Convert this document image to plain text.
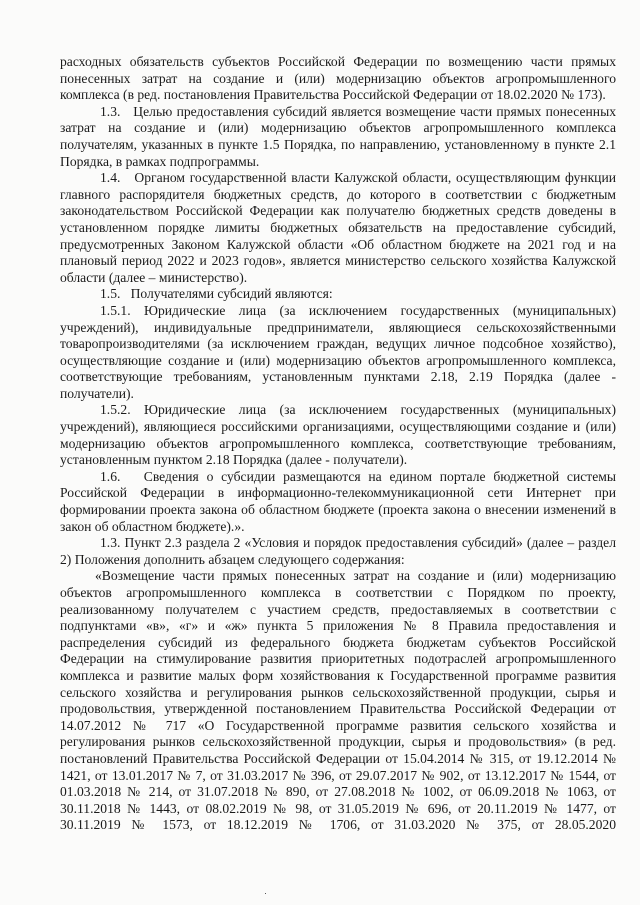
расходных обязательств субъектов Российской Федерации по возмещению части прямых понесенных затрат на создание и (или) модернизацию объектов агропромышленного комплекса (в ред. постановления Правительства Российской Федерации от 18.02.2020 № 173).

1.3.   Целью предоставления субсидий является возмещение части прямых понесенных затрат на создание и (или) модернизацию объектов агропромышленного комплекса получателям, указанных в пункте 1.5 Порядка, по направлению, установленному в пункте 2.1 Порядка, в рамках подпрограммы.

1.4.   Органом государственной власти Калужской области, осуществляющим функции главного распорядителя бюджетных средств, до которого в соответствии с бюджетным законодательством Российской Федерации как получателю бюджетных средств доведены в установленном порядке лимиты бюджетных обязательств на предоставление субсидий, предусмотренных Законом Калужской области «Об областном бюджете на 2021 год и на плановый период 2022 и 2023 годов», является министерство сельского хозяйства Калужской области (далее – министерство).

1.5.   Получателями субсидий являются:

1.5.1. Юридические лица (за исключением государственных (муниципальных) учреждений), индивидуальные предприниматели, являющиеся сельскохозяйственными товаропроизводителями (за исключением граждан, ведущих личное подсобное хозяйство), осуществляющие создание и (или) модернизацию объектов агропромышленного комплекса, соответствующие требованиям, установленным пунктами 2.18, 2.19 Порядка (далее - получатели).

1.5.2. Юридические лица (за исключением государственных (муниципальных) учреждений), являющиеся российскими организациями, осуществляющими создание и (или) модернизацию объектов агропромышленного комплекса, соответствующие требованиям, установленным пунктом 2.18 Порядка (далее - получатели).

1.6.   Сведения о субсидии размещаются на едином портале бюджетной системы Российской Федерации в информационно-телекоммуникационной сети Интернет при формировании проекта закона об областном бюджете (проекта закона о внесении изменений в закон об областном бюджете).».

1.3. Пункт 2.3 раздела 2 «Условия и порядок предоставления субсидий» (далее – раздел 2) Положения дополнить абзацем следующего содержания:

«Возмещение части прямых понесенных затрат на создание и (или) модернизацию объектов агропромышленного комплекса в соответствии с Порядком по проекту, реализованному получателем с участием средств, предоставляемых в соответствии с подпунктами «в», «г» и «ж» пункта 5 приложения № 8 Правила предоставления и распределения субсидий из федерального бюджета бюджетам субъектов Российской Федерации на стимулирование развития приоритетных подотраслей агропромышленного комплекса и развитие малых форм хозяйствования к Государственной программе развития сельского хозяйства и регулирования рынков сельскохозяйственной продукции, сырья и продовольствия, утвержденной постановлением Правительства Российской Федерации от 14.07.2012 № 717 «О Государственной программе развития сельского хозяйства и регулирования рынков сельскохозяйственной продукции, сырья и продовольствия» (в ред. постановлений Правительства Российской Федерации от 15.04.2014 № 315, от 19.12.2014 № 1421, от 13.01.2017 № 7, от 31.03.2017 № 396, от 29.07.2017 № 902, от 13.12.2017 № 1544, от 01.03.2018 № 214, от 31.07.2018 № 890, от 27.08.2018 № 1002, от 06.09.2018 № 1063, от 30.11.2018 № 1443, от 08.02.2019 № 98, от 31.05.2019 № 696, от 20.11.2019 № 1477, от 30.11.2019 № 1573, от 18.12.2019 № 1706, от 31.03.2020 № 375, от 28.05.2020
